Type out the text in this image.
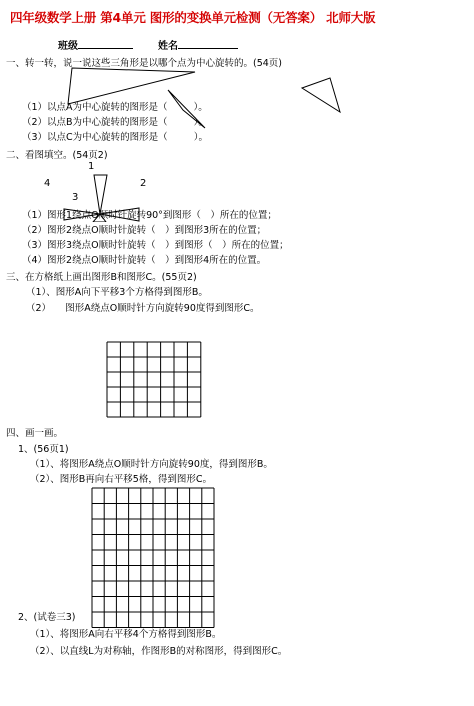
四年级数学上册 第4单元 图形的变换单元检测（无答案） 北师大版
班级	姓名
一、转一转，说一说这些三角形是以哪个点为中心旋转的。(54页)
（1）以点A为中心旋转的图形是（	）。
（2）以点B为中心旋转的图形是（	）。
（3）以点C为中心旋转的图形是（	）。
二、看图填空。(54页2)
1
2
3
4
（1）图形1绕点O顺时针旋转90°到图形（　）所在的位置；
（2）图形2绕点O顺时针旋转（　）到图形3所在的位置；
（3）图形3绕点O顺时针旋转（　）到图形（　）所在的位置；
（4）图形2绕点O顺时针旋转（　）到图形4所在的位置。
三、在方格纸上画出图形B和图形C。(55页2)
（1）、图形A向下平移3个方格得到图形B。
（2）　　图形A绕点O顺时针方向旋转90度得到图形C。
四、画一画。
1、(56页1)
（1）、将图形A绕点O顺时针方向旋转90度，得到图形B。
（2）、图形B再向右平移5格，得到图形C。
2、(试卷三3)
（1）、将图形A向右平移4个方格得到图形B。
（2）、以直线L为对称轴，作图形B的对称图形，得到图形C。
